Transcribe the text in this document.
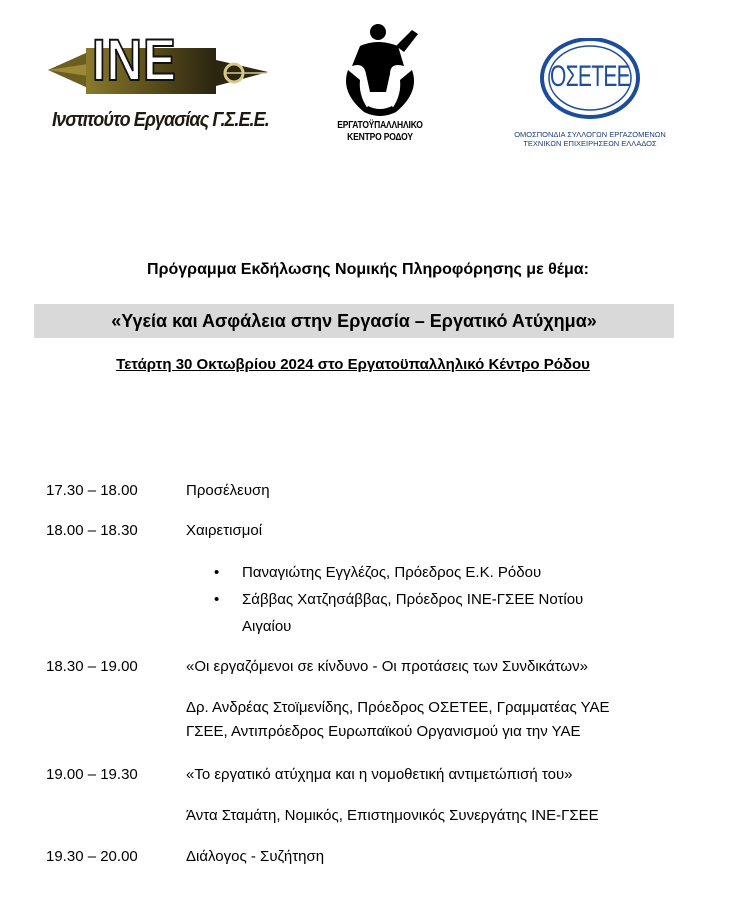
INE
Ινστιτούτο Εργασίας Γ.Σ.Ε.Ε.	ΕΡΓΑΤΟΫΠΑΛΛΗΛΙΚΟ
ΚΕΝΤΡΟ ΡΟΔΟΥ
ΟΣΕΤΕΕ
ΟΜΟΣΠΟΝΔΙΑ ΣΥΛΛΟΓΩΝ ΕΡΓΑΖΟΜΕΝΩΝ
ΤΕΧΝΙΚΩΝ ΕΠΙΧΕΙΡΗΣΕΩΝ ΕΛΛΑΔΟΣ
Πρόγραμμα Εκδήλωσης Νομικής Πληροφόρησης με θέμα:
«Υγεία και Ασφάλεια στην Εργασία – Εργατικό Ατύχημα»
Τετάρτη 30 Οκτωβρίου 2024 στο Εργατοϋπαλληλικό Κέντρο Ρόδου
17.30 – 18.00	Προσέλευση
18.00 – 18.30	Χαιρετισμοί
• Παναγιώτης Εγγλέζος, Πρόεδρος Ε.Κ. Ρόδου
• Σάββας Χατζησάββας, Πρόεδρος ΙΝΕ-ΓΣΕΕ Νοτίου
Αιγαίου
18.30 – 19.00	«Οι εργαζόμενοι σε κίνδυνο - Οι προτάσεις των Συνδικάτων»
Δρ. Ανδρέας Στοϊμενίδης, Πρόεδρος ΟΣΕΤΕΕ, Γραμματέας ΥΑΕ
ΓΣΕΕ, Αντιπρόεδρος Ευρωπαϊκού Οργανισμού για την ΥΑΕ
19.00 – 19.30	«Το εργατικό ατύχημα και η νομοθετική αντιμετώπισή του»
Άντα Σταμάτη, Νομικός, Επιστημονικός Συνεργάτης ΙΝΕ-ΓΣΕΕ
19.30 – 20.00	Διάλογος - Συζήτηση
